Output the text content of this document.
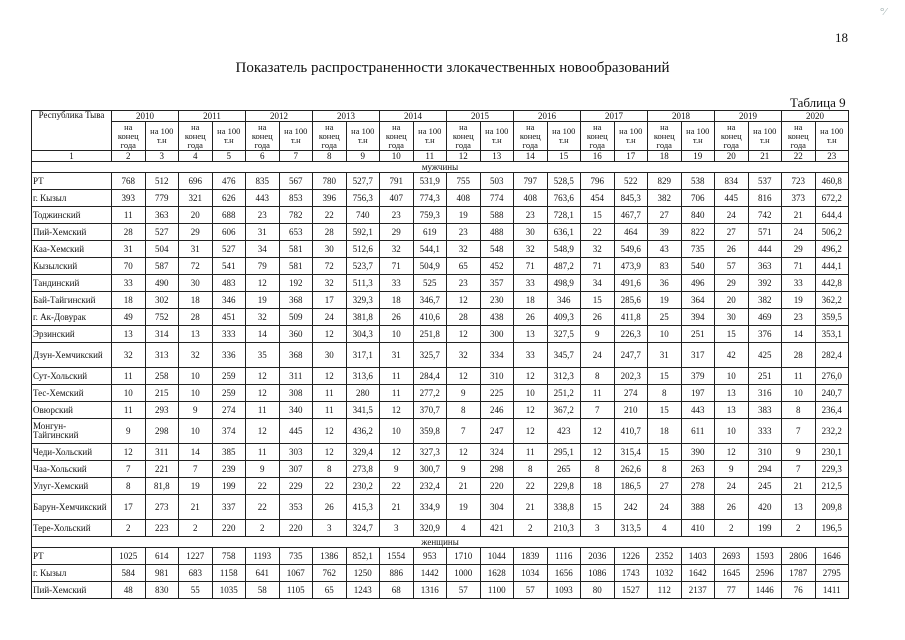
°⁄
18
Показатель распространенности злокачественных новообразований
Таблица 9
Республика Тыва	2010		2011		2012		2013		2014		2015		2016		2017		2018		2019		2020	
	на конец года	на 100 т.н	на конец года	на 100 т.н	на конец года	на 100 т.н	на конец года	на 100 т.н	на конец года	на 100 т.н	на конец года	на 100 т.н	на конец года	на 100 т.н	на конец года	на 100 т.н	на конец года	на 100 т.н	на конец года	на 100 т.н	на конец года	на 100 т.н
1	2	3	4	5	6	7	8	9	10	11	12	13	14	15	16	17	18	19	20	21	22	23
мужчины																						
РТ	768	512	696	476	835	567	780	527,7	791	531,9	755	503	797	528,5	796	522	829	538	834	537	723	460,8
г. Кызыл	393	779	321	626	443	853	396	756,3	407	774,3	408	774	408	763,6	454	845,3	382	706	445	816	373	672,2
Тоджинский	11	363	20	688	23	782	22	740	23	759,3	19	588	23	728,1	15	467,7	27	840	24	742	21	644,4
Пий-Хемский	28	527	29	606	31	653	28	592,1	29	619	23	488	30	636,1	22	464	39	822	27	571	24	506,2
Каа-Хемский	31	504	31	527	34	581	30	512,6	32	544,1	32	548	32	548,9	32	549,6	43	735	26	444	29	496,2
Кызылский	70	587	72	541	79	581	72	523,7	71	504,9	65	452	71	487,2	71	473,9	83	540	57	363	71	444,1
Тандинский	33	490	30	483	12	192	32	511,3	33	525	23	357	33	498,9	34	491,6	36	496	29	392	33	442,8
Бай-Тайгинский	18	302	18	346	19	368	17	329,3	18	346,7	12	230	18	346	15	285,6	19	364	20	382	19	362,2
г. Ак-Довурак	49	752	28	451	32	509	24	381,8	26	410,6	28	438	26	409,3	26	411,8	25	394	30	469	23	359,5
Эрзинский	13	314	13	333	14	360	12	304,3	10	251,8	12	300	13	327,5	9	226,3	10	251	15	376	14	353,1
Дзун-Хемчикский	32	313	32	336	35	368	30	317,1	31	325,7	32	334	33	345,7	24	247,7	31	317	42	425	28	282,4
Сут-Хольский	11	258	10	259	12	311	12	313,6	11	284,4	12	310	12	312,3	8	202,3	15	379	10	251	11	276,0
Тес-Хемский	10	215	10	259	12	308	11	280	11	277,2	9	225	10	251,2	11	274	8	197	13	316	10	240,7
Овюрский	11	293	9	274	11	340	11	341,5	12	370,7	8	246	12	367,2	7	210	15	443	13	383	8	236,4
Монгун-Тайгинский	9	298	10	374	12	445	12	436,2	10	359,8	7	247	12	423	12	410,7	18	611	10	333	7	232,2
Чеди-Хольский	12	311	14	385	11	303	12	329,4	12	327,3	12	324	11	295,1	12	315,4	15	390	12	310	9	230,1
Чаа-Хольский	7	221	7	239	9	307	8	273,8	9	300,7	9	298	8	265	8	262,6	8	263	9	294	7	229,3
Улуг-Хемский	8	81,8	19	199	22	229	22	230,2	22	232,4	21	220	22	229,8	18	186,5	27	278	24	245	21	212,5
Барун-Хемчикский	17	273	21	337	22	353	26	415,3	21	334,9	19	304	21	338,8	15	242	24	388	26	420	13	209,8
Тере-Хольский	2	223	2	220	2	220	3	324,7	3	320,9	4	421	2	210,3	3	313,5	4	410	2	199	2	196,5
женщины																						
РТ	1025	614	1227	758	1193	735	1386	852,1	1554	953	1710	1044	1839	1116	2036	1226	2352	1403	2693	1593	2806	1646
г. Кызыл	584	981	683	1158	641	1067	762	1250	886	1442	1000	1628	1034	1656	1086	1743	1032	1642	1645	2596	1787	2795
Пий-Хемский	48	830	55	1035	58	1105	65	1243	68	1316	57	1100	57	1093	80	1527	112	2137	77	1446	76	1411
